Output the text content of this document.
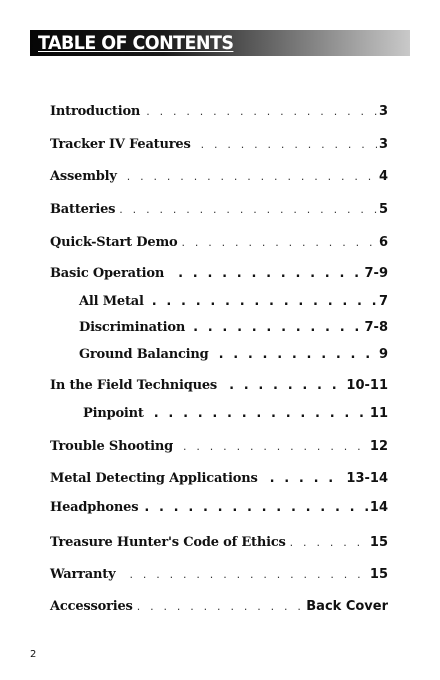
TABLE OF CONTENTS
Introduction . . .	3
Tracker IV Features . . .	3
Assembly . . .	4
Batteries . . .	5
Quick-Start Demo . . .	6
Basic Operation . . .	7-9
All Metal . . .	7
Discrimination . . .	7-8
Ground Balancing . . .	9
In the Field Techniques . . .	10-11
Pinpoint . . .	11
Trouble Shooting . . .	12
Metal Detecting Applications . . .	13-14
Headphones . . .	14
Treasure Hunter's Code of Ethics . . .	15
Warranty . . .	15
Accessories . . .	Back Cover
2
